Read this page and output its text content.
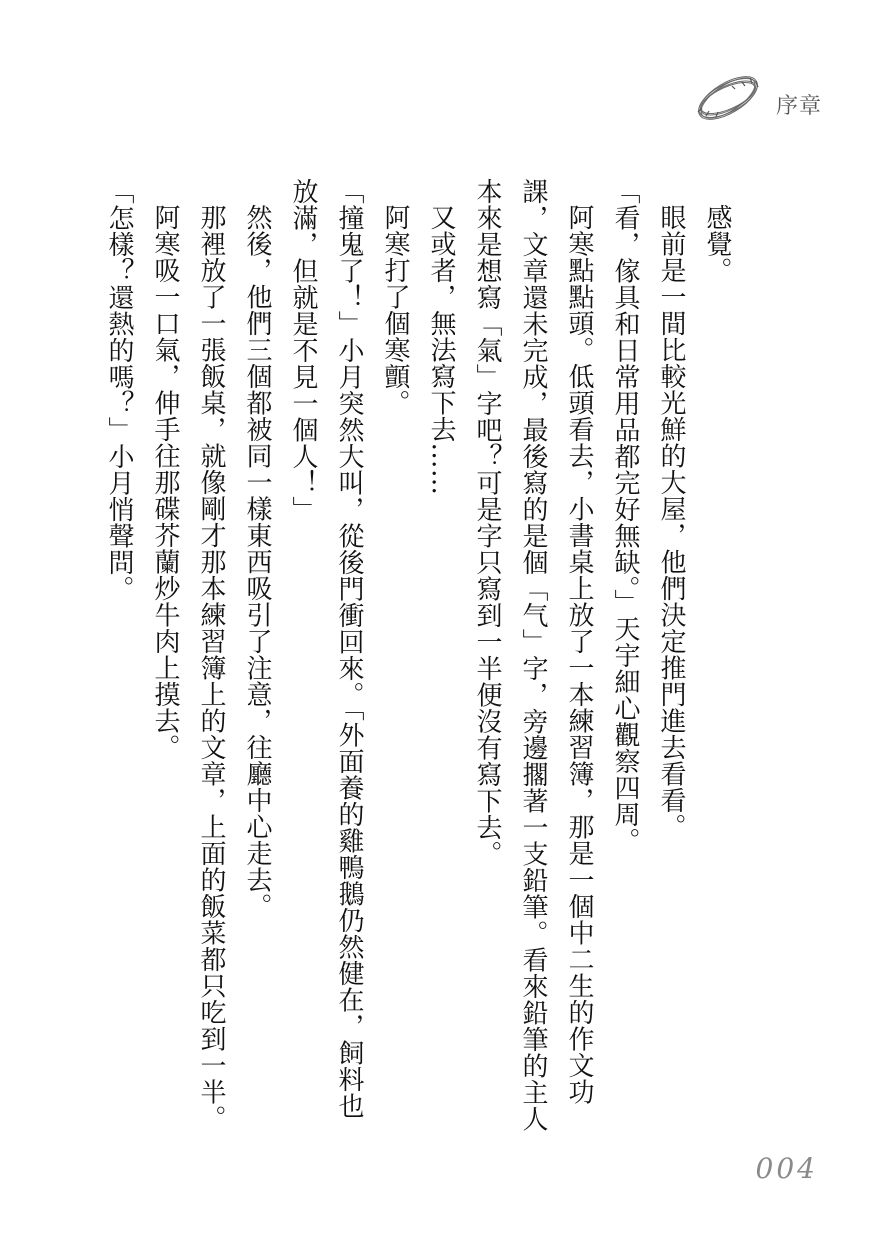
序章

感覺。

眼前是一間比較光鮮的大屋，他們決定推門進去看看。

「看，傢具和日常用品都完好無缺。」天宇細心觀察四周。

阿寒點點頭。低頭看去，小書桌上放了一本練習簿，那是一個中二生的作文功課，文章還未完成，最後寫的是個「气」字，旁邊擱著一支鉛筆。看來鉛筆的主人本來是想寫「氣」字吧？可是字只寫到一半便沒有寫下去。

又或者，無法寫下去……

阿寒打了個寒顫。

「撞鬼了！」小月突然大叫，從後門衝回來。「外面養的雞鴨鵝仍然健在，飼料也放滿，但就是不見一個人！」

然後，他們三個都被同一樣東西吸引了注意，往廳中心走去。

那裡放了一張飯桌，就像剛才那本練習簿上的文章，上面的飯菜都只吃到一半。

阿寒吸一口氣，伸手往那碟芥蘭炒牛肉上摸去。

「怎樣？還熱的嗎？」小月悄聲問。

004
